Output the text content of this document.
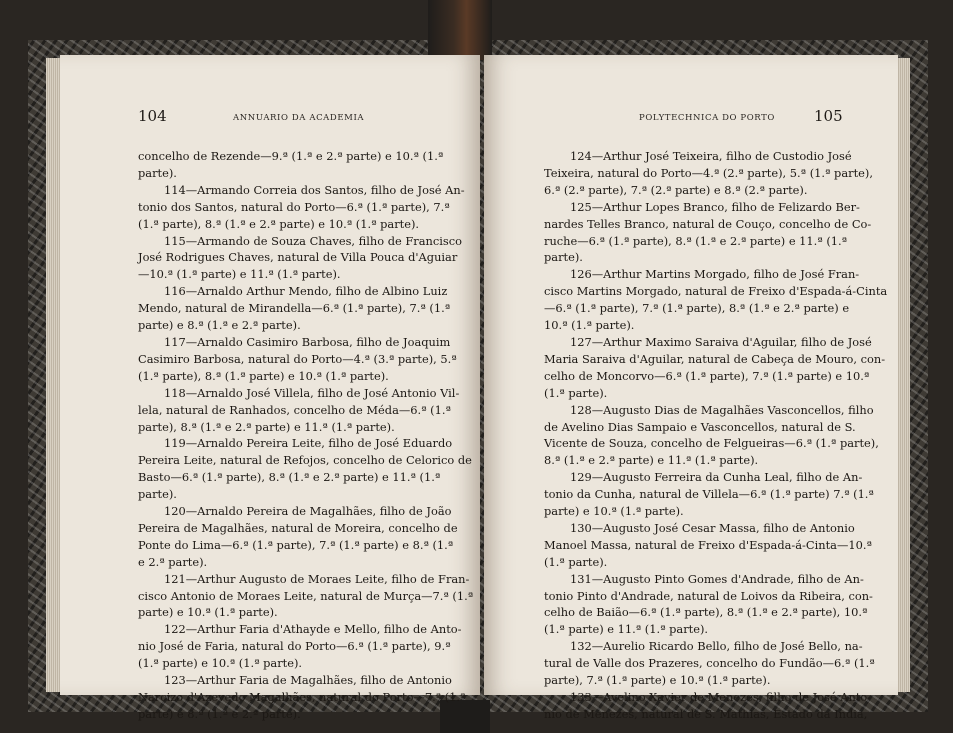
104	ANNUARIO DA ACADEMIA

concelho de Rezende—9.ª (1.ª e 2.ª parte) e 10.ª (1.ª
parte).

114—Armando Correia dos Santos, filho de José An-
tonio dos Santos, natural do Porto—6.ª (1.ª parte), 7.ª
(1.ª parte), 8.ª (1.ª e 2.ª parte) e 10.ª (1.ª parte).

115—Armando de Souza Chaves, filho de Francisco
José Rodrigues Chaves, natural de Villa Pouca d'Aguiar
—10.ª (1.ª parte) e 11.ª (1.ª parte).

116—Arnaldo Arthur Mendo, filho de Albino Luiz
Mendo, natural de Mirandella—6.ª (1.ª parte), 7.ª (1.ª
parte) e 8.ª (1.ª e 2.ª parte).

117—Arnaldo Casimiro Barbosa, filho de Joaquim
Casimiro Barbosa, natural do Porto—4.ª (3.ª parte), 5.ª
(1.ª parte), 8.ª (1.ª parte) e 10.ª (1.ª parte).

118—Arnaldo José Villela, filho de José Antonio Vil-
lela, natural de Ranhados, concelho de Méda—6.ª (1.ª
parte), 8.ª (1.ª e 2.ª parte) e 11.ª (1.ª parte).

119—Arnaldo Pereira Leite, filho de José Eduardo
Pereira Leite, natural de Refojos, concelho de Celorico de
Basto—6.ª (1.ª parte), 8.ª (1.ª e 2.ª parte) e 11.ª (1.ª
parte).

120—Arnaldo Pereira de Magalhães, filho de João
Pereira de Magalhães, natural de Moreira, concelho de
Ponte do Lima—6.ª (1.ª parte), 7.ª (1.ª parte) e 8.ª (1.ª
e 2.ª parte).

121—Arthur Augusto de Moraes Leite, filho de Fran-
cisco Antonio de Moraes Leite, natural de Murça—7.ª (1.ª
parte) e 10.ª (1.ª parte).

122—Arthur Faria d'Athayde e Mello, filho de Anto-
nio José de Faria, natural do Porto—6.ª (1.ª parte), 9.ª
(1.ª parte) e 10.ª (1.ª parte).

123—Arthur Faria de Magalhães, filho de Antonio
Narcizo d'Azevedo Magalhães, natural do Porto—7.ª (1.ª
parte) e 8.ª (1.ª e 2.ª parte).

POLYTECHNICA DO PORTO	105

124—Arthur José Teixeira, filho de Custodio José
Teixeira, natural do Porto—4.ª (2.ª parte), 5.ª (1.ª parte),
6.ª (2.ª parte), 7.ª (2.ª parte) e 8.ª (2.ª parte).

125—Arthur Lopes Branco, filho de Felizardo Ber-
nardes Telles Branco, natural de Couço, concelho de Co-
ruche—6.ª (1.ª parte), 8.ª (1.ª e 2.ª parte) e 11.ª (1.ª
parte).

126—Arthur Martins Morgado, filho de José Fran-
cisco Martins Morgado, natural de Freixo d'Espada-á-Cinta
—6.ª (1.ª parte), 7.ª (1.ª parte), 8.ª (1.ª e 2.ª parte) e
10.ª (1.ª parte).

127—Arthur Maximo Saraiva d'Aguilar, filho de José
Maria Saraiva d'Aguilar, natural de Cabeça de Mouro, con-
celho de Moncorvo—6.ª (1.ª parte), 7.ª (1.ª parte) e 10.ª
(1.ª parte).

128—Augusto Dias de Magalhães Vasconcellos, filho
de Avelino Dias Sampaio e Vasconcellos, natural de S.
Vicente de Souza, concelho de Felgueiras—6.ª (1.ª parte),
8.ª (1.ª e 2.ª parte) e 11.ª (1.ª parte).

129—Augusto Ferreira da Cunha Leal, filho de An-
tonio da Cunha, natural de Villela—6.ª (1.ª parte) 7.ª (1.ª
parte) e 10.ª (1.ª parte).

130—Augusto José Cesar Massa, filho de Antonio
Manoel Massa, natural de Freixo d'Espada-á-Cinta—10.ª
(1.ª parte).

131—Augusto Pinto Gomes d'Andrade, filho de An-
tonio Pinto d'Andrade, natural de Loivos da Ribeira, con-
celho de Baião—6.ª (1.ª parte), 8.ª (1.ª e 2.ª parte), 10.ª
(1.ª parte) e 11.ª (1.ª parte).

132—Aurelio Ricardo Bello, filho de José Bello, na-
tural de Valle dos Prazeres, concelho do Fundão—6.ª (1.ª
parte), 7.ª (1.ª parte) e 10.ª (1.ª parte).

133—Avelino Xavier de Menezes, filho de José Anto-
nio de Menezes, natural de S. Mathias, Estado da India,
